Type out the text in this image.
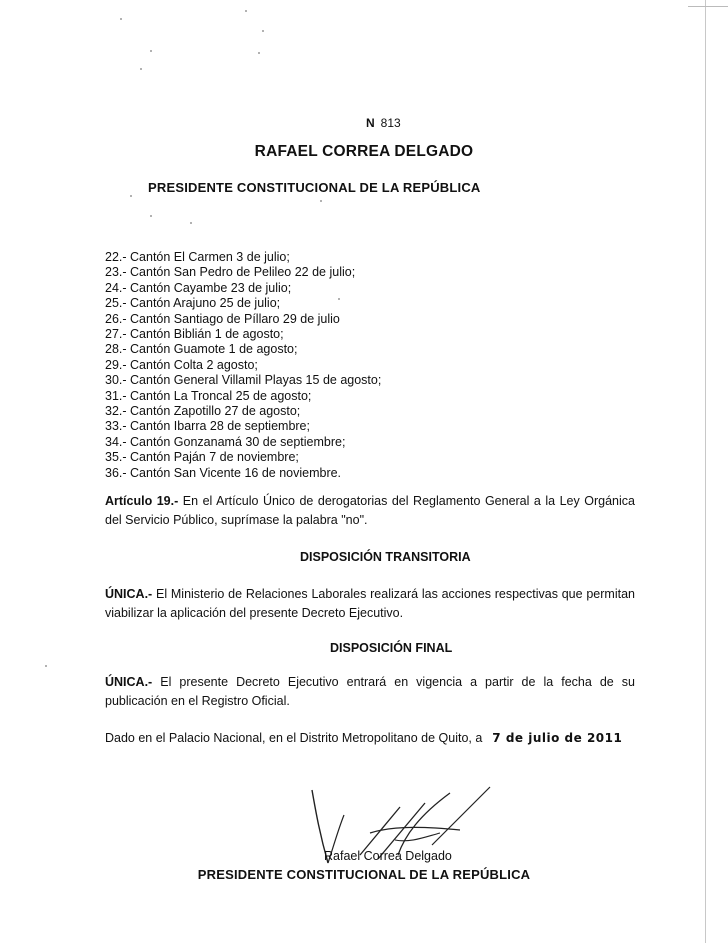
N 813
RAFAEL CORREA DELGADO
PRESIDENTE CONSTITUCIONAL DE LA REPÚBLICA
22.- Cantón El Carmen 3 de julio;
23.- Cantón San Pedro de Pelileo 22 de julio;
24.- Cantón Cayambe 23 de julio;
25.- Cantón Arajuno 25 de julio;
26.- Cantón Santiago de Píllaro 29 de julio
27.- Cantón Biblián 1 de agosto;
28.- Cantón Guamote 1 de agosto;
29.- Cantón Colta 2 agosto;
30.- Cantón General Villamil Playas 15 de agosto;
31.- Cantón La Troncal 25 de agosto;
32.- Cantón Zapotillo 27 de agosto;
33.- Cantón Ibarra 28 de septiembre;
34.- Cantón Gonzanamá 30 de septiembre;
35.- Cantón Paján 7 de noviembre;
36.- Cantón San Vicente 16 de noviembre.

Artículo 19.- En el Artículo Único de derogatorias del Reglamento General a la Ley Orgánica del Servicio Público, suprímase la palabra "no".

DISPOSICIÓN TRANSITORIA

ÚNICA.- El Ministerio de Relaciones Laborales realizará las acciones respectivas que permitan viabilizar la aplicación del presente Decreto Ejecutivo.

DISPOSICIÓN FINAL

ÚNICA.- El presente Decreto Ejecutivo entrará en vigencia a partir de la fecha de su publicación en el Registro Oficial.

Dado en el Palacio Nacional, en el Distrito Metropolitano de Quito, a 7 de julio de 2011
Rafael Correa Delgado
PRESIDENTE CONSTITUCIONAL DE LA REPÚBLICA
